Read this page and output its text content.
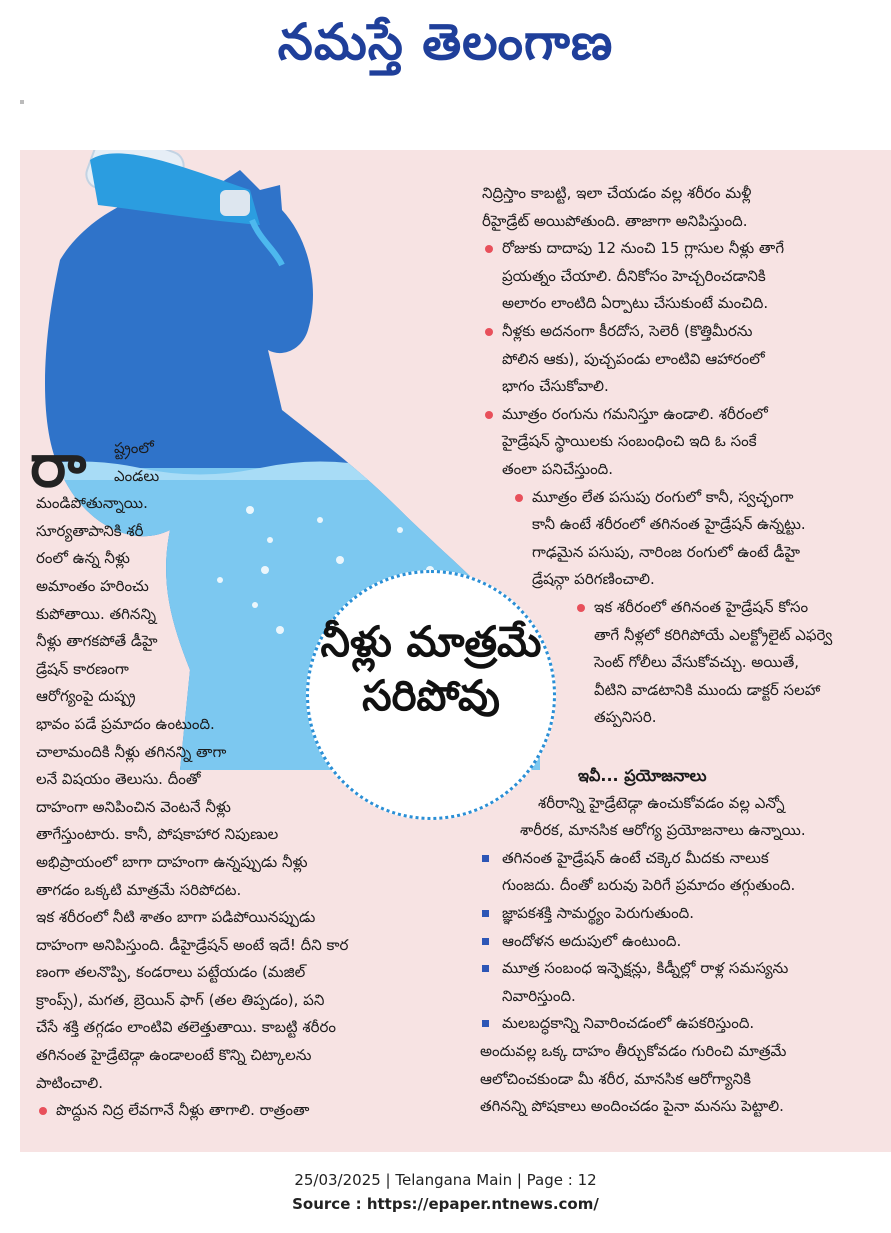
నమస్తే తెలంగాణ
రా	ష్ట్రంలో

ఎండలు

మండిపోతున్నాయి.

సూర్యతాపానికి శరీ

రంలో ఉన్న నీళ్లు

అమాంతం హరించు

కుపోతాయి. తగినన్ని

నీళ్లు తాగకపోతే డీహై

డ్రేషన్ కారణంగా

ఆరోగ్యంపై దుష్ప్ర

భావం పడే ప్రమాదం ఉంటుంది.

చాలామందికి నీళ్లు తగినన్ని తాగా

లనే విషయం తెలుసు. దీంతో

దాహంగా అనిపించిన వెంటనే నీళ్లు

తాగేస్తుంటారు. కానీ, పోషకాహార నిపుణుల

అభిప్రాయంలో బాగా దాహంగా ఉన్నప్పుడు నీళ్లు

తాగడం ఒక్కటి మాత్రమే సరిపోదట.

ఇక శరీరంలో నీటి శాతం బాగా పడిపోయినప్పుడు

దాహంగా అనిపిస్తుంది. డీహైడ్రేషన్ అంటే ఇదే! దీని కార

ణంగా తలనొప్పి, కండరాలు పట్టేయడం (మజిల్

క్రాంప్స్), మగత, బ్రెయిన్ ఫాగ్ (తల తిప్పడం), పని

చేసే శక్తి తగ్గడం లాంటివి తలెత్తుతాయి. కాబట్టి శరీరం

తగినంత హైడ్రేటెడ్గా ఉండాలంటే కొన్ని చిట్కాలను

పాటించాలి.

పొద్దున నిద్ర లేవగానే నీళ్లు తాగాలి. రాత్రంతా

నిద్రిస్తాం కాబట్టి, ఇలా చేయడం వల్ల శరీరం మళ్లీ

రీహైడ్రేట్ అయిపోతుంది. తాజాగా అనిపిస్తుంది.

రోజుకు దాదాపు 12 నుంచి 15 గ్లాసుల నీళ్లు తాగే

ప్రయత్నం చేయాలి. దీనికోసం హెచ్చరించడానికి

అలారం లాంటిది ఏర్పాటు చేసుకుంటే మంచిది.

నీళ్లకు అదనంగా కీరదోస, సెలెరీ (కొత్తిమీరను

పోలిన ఆకు), పుచ్చపండు లాంటివి ఆహారంలో

భాగం చేసుకోవాలి.

మూత్రం రంగును గమనిస్తూ ఉండాలి. శరీరంలో

హైడ్రేషన్ స్థాయిలకు సంబంధించి ఇది ఓ సంకే

తంలా పనిచేస్తుంది.

మూత్రం లేత పసుపు రంగులో కానీ, స్వచ్ఛంగా

కానీ ఉంటే శరీరంలో తగినంత హైడ్రేషన్ ఉన్నట్టు.

గాఢమైన పసుపు, నారింజ రంగులో ఉంటే డీహై

డ్రేషన్గా పరిగణించాలి.

ఇక శరీరంలో తగినంత హైడ్రేషన్ కోసం

తాగే నీళ్లలో కరిగిపోయే ఎలక్ట్రోలైట్ ఎఫర్వె

సెంట్ గోలీలు వేసుకోవచ్చు. అయితే,

వీటిని వాడటానికి ముందు డాక్టర్ సలహా

తప్పనిసరి.

ఇవీ... ప్రయోజనాలు

శరీరాన్ని హైడ్రేటెడ్గా ఉంచుకోవడం వల్ల ఎన్నో

శారీరక, మానసిక ఆరోగ్య ప్రయోజనాలు ఉన్నాయి.

తగినంత హైడ్రేషన్ ఉంటే చక్కెర మీదకు నాలుక

గుంజదు. దీంతో బరువు పెరిగే ప్రమాదం తగ్గుతుంది.

జ్ఞాపకశక్తి సామర్థ్యం పెరుగుతుంది.

ఆందోళన అదుపులో ఉంటుంది.

మూత్ర సంబంధ ఇన్ఫెక్షన్లు, కిడ్నీల్లో రాళ్ల సమస్యను

నివారిస్తుంది.

మలబద్ధకాన్ని నివారించడంలో ఉపకరిస్తుంది.

అందువల్ల ఒక్క దాహం తీర్చుకోవడం గురించి మాత్రమే

ఆలోచించకుండా మీ శరీర, మానసిక ఆరోగ్యానికి

తగినన్ని పోషకాలు అందించడం పైనా మనసు పెట్టాలి.

నీళ్లు మాత్రమే సరిపోవు
25/03/2025 | Telangana Main | Page : 12
Source : https://epaper.ntnews.com/
